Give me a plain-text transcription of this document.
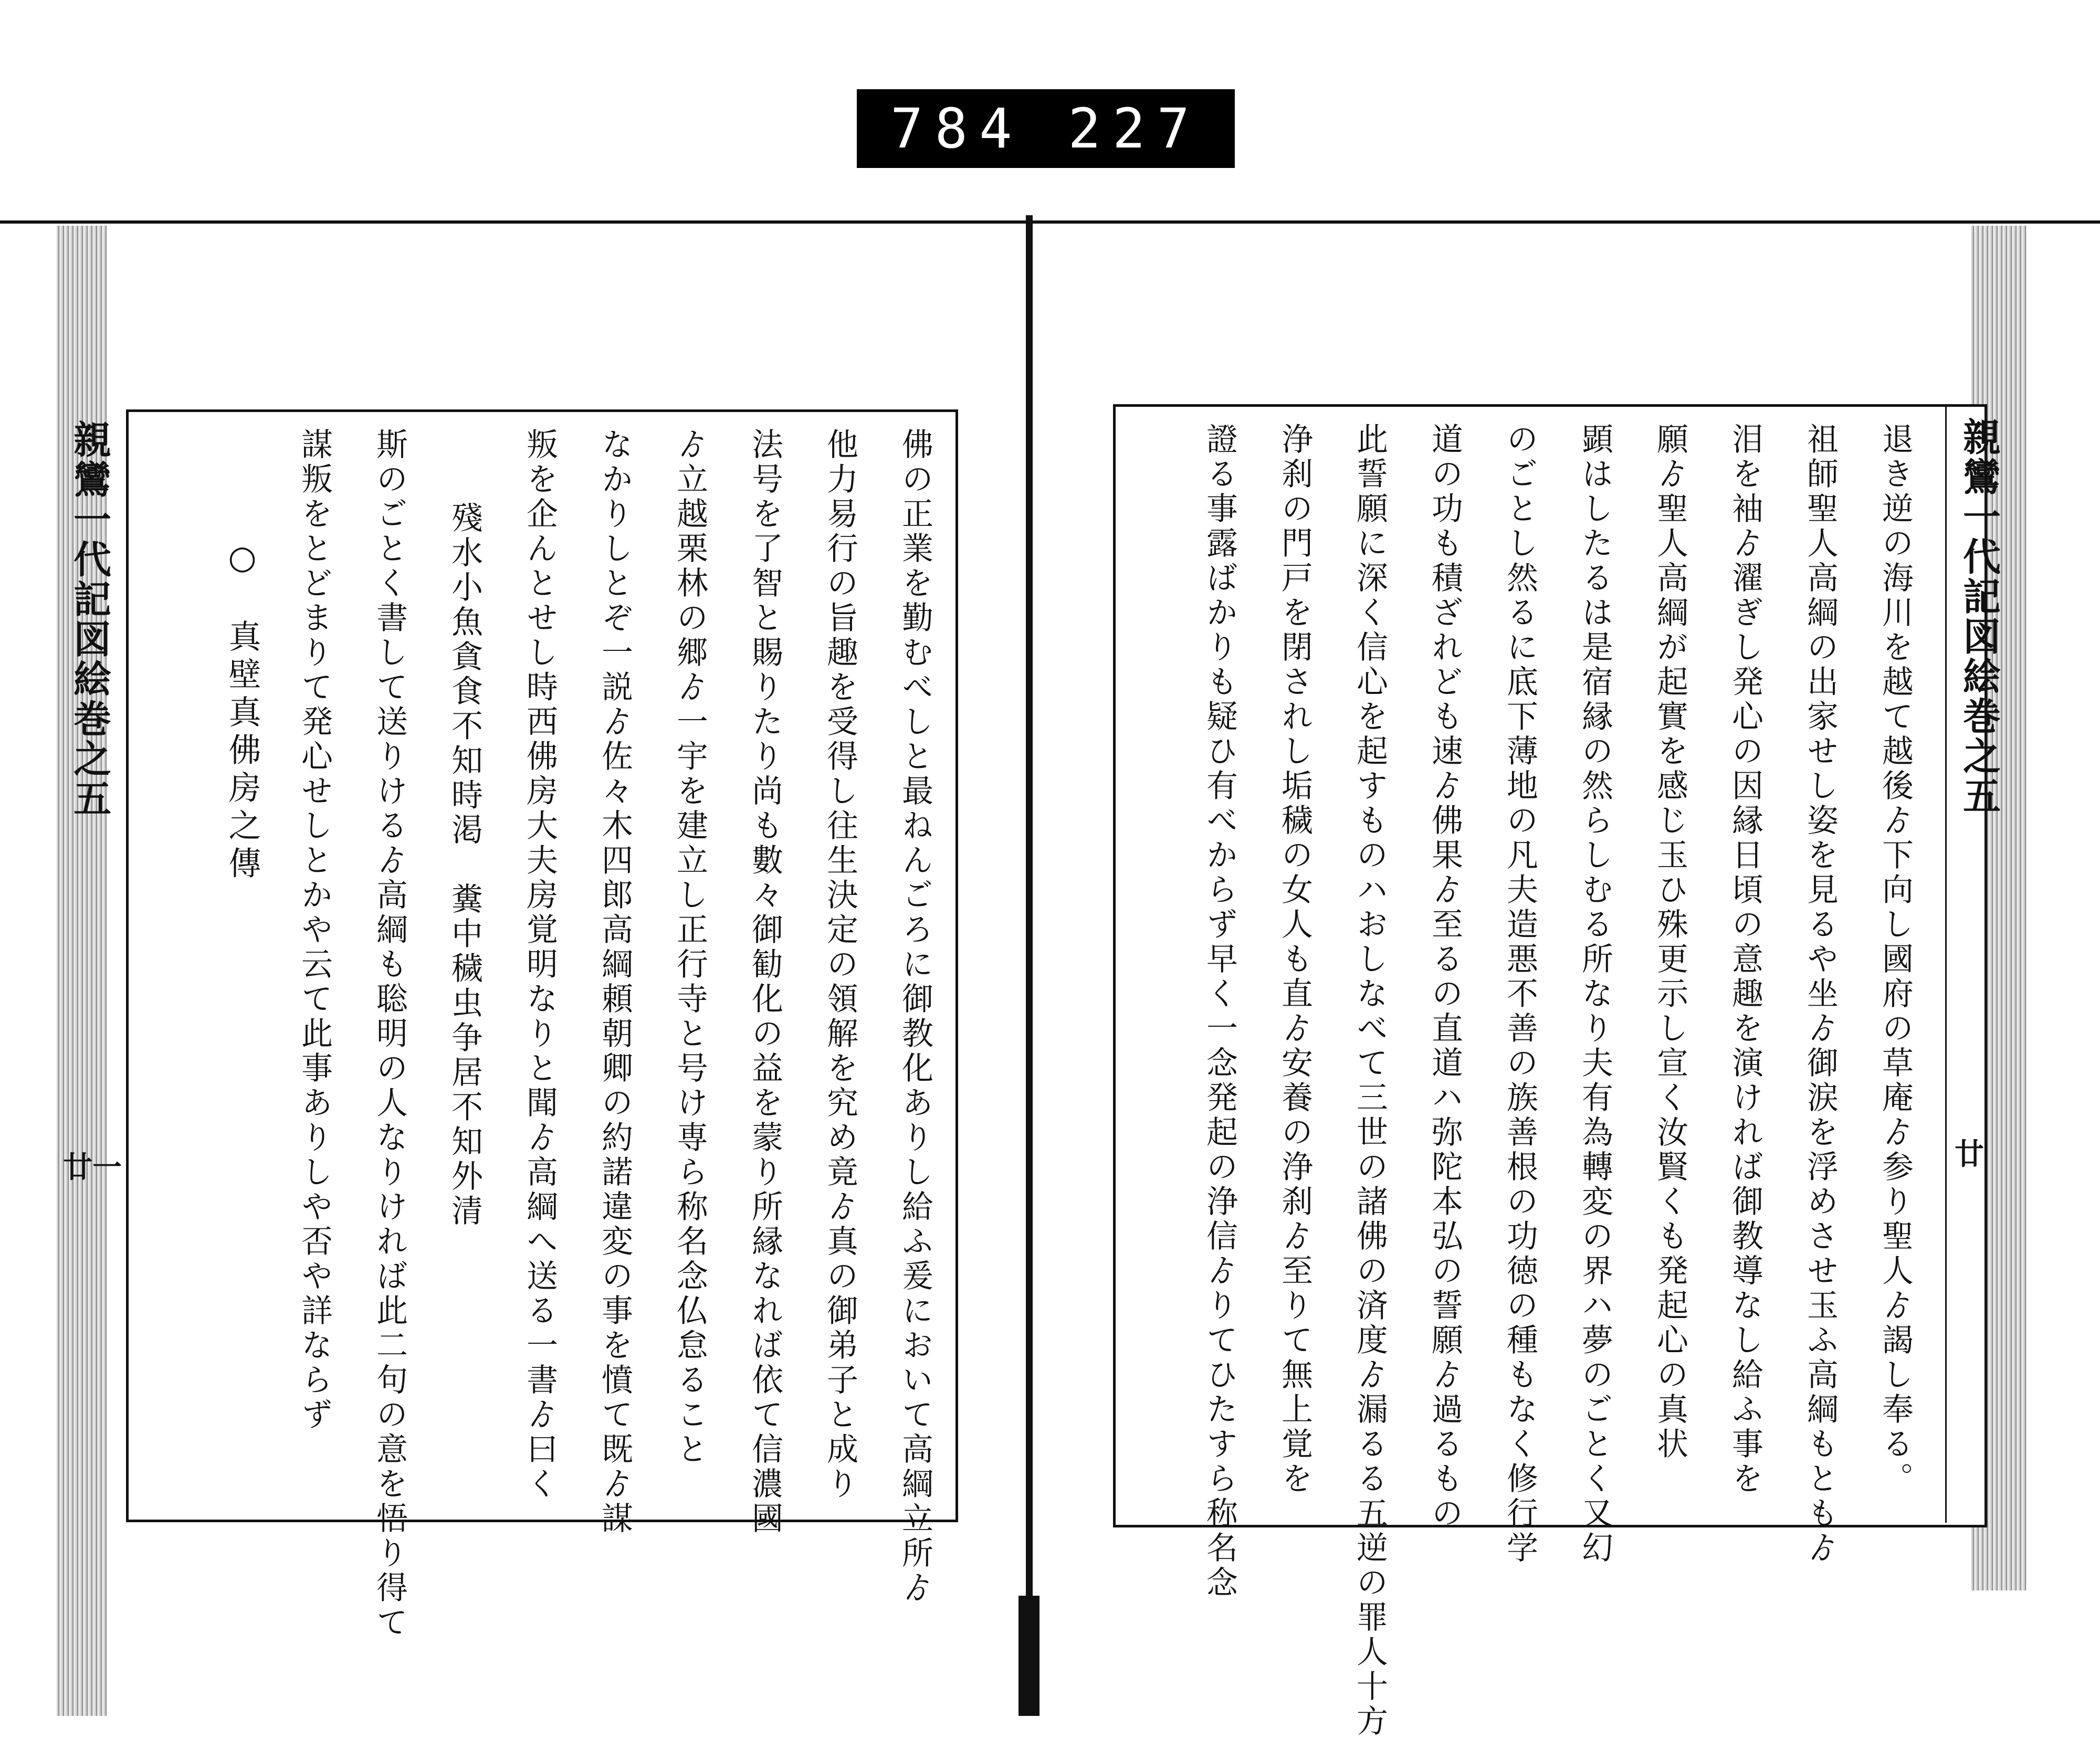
784 227
佛の正業を勤むべしと最ねんごろに御教化ありし給ふ爰において高綱立所ゟ
他力易行の旨趣を受得し往生決定の領解を究め竟ゟ真の御弟子と成り
法号を了智と賜りたり尚も數々御勧化の益を蒙り所縁なれば依て信濃國
ゟ立越栗林の郷ゟ一宇を建立し正行寺と号け専ら称名念仏怠ること
なかりしとぞ一説ゟ佐々木四郎高綱頼朝卿の約諾違変の事を憤て既ゟ謀
叛を企んとせし時西佛房大夫房覚明なりと聞ゟ高綱へ送る一書ゟ曰く
殘水小魚貪食不知時渇　糞中穢虫争居不知外清
斯のごとく書して送りけるゟ高綱も聡明の人なりければ此二句の意を悟り得て
謀叛をとどまりて発心せしとかや云て此事ありしや否や詳ならず
○　真壁真佛房之傳
親鸞一代記図絵巻之五
廿一	退き逆の海川を越て越後ゟ下向し國府の草庵ゟ参り聖人ゟ謁し奉る。
祖師聖人高綱の出家せし姿を見るや坐ゟ御涙を浮めさせ玉ふ高綱もともゟ
泪を袖ゟ濯ぎし発心の因縁日頃の意趣を演ければ御教導なし給ふ事を
願ゟ聖人高綱が起實を感じ玉ひ殊更示し宣く汝賢くも発起心の真状
顕はしたるは是宿縁の然らしむる所なり夫有為轉変の界ハ夢のごとく又幻
のごとし然るに底下薄地の凡夫造悪不善の族善根の功徳の種もなく修行学
道の功も積ざれども速ゟ佛果ゟ至るの直道ハ弥陀本弘の誓願ゟ過るもの
此誓願に深く信心を起すものハおしなべて三世の諸佛の済度ゟ漏るる五逆の罪人十方
浄刹の門戸を閉されし垢穢の女人も直ゟ安養の浄刹ゟ至りて無上覚を
證る事露ばかりも疑ひ有べからず早く一念発起の浄信ゟりてひたすら称名念	親鸞一代記図絵巻之五
廿
